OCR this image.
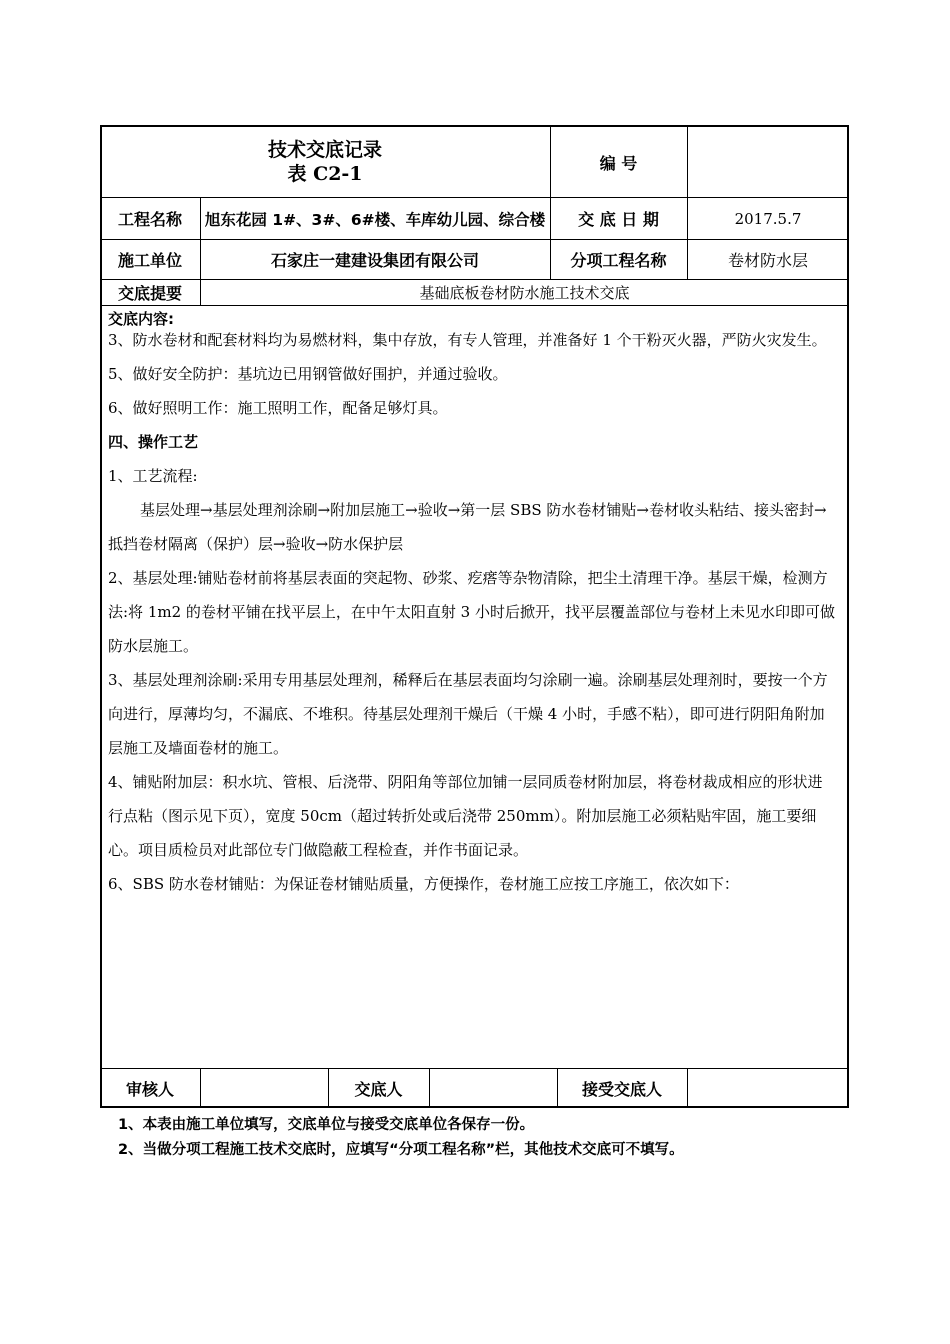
技术交底记录
表 C2-1	编 号
工程名称	旭东花园 1#、3#、6#楼、车库幼儿园、综合楼	交 底 日 期	2017.5.7
施工单位	石家庄一建建设集团有限公司	分项工程名称	卷材防水层
交底提要	基础底板卷材防水施工技术交底
交底内容:

3、防水卷材和配套材料均为易燃材料，集中存放，有专人管理，并准备好 1 个干粉灭火器，严防火灾发生。

5、做好安全防护：基坑边已用钢管做好围护，并通过验收。

6、做好照明工作：施工照明工作，配备足够灯具。

四、操作工艺

1、工艺流程:

基层处理→基层处理剂涂刷→附加层施工→验收→第一层 SBS 防水卷材铺贴→卷材收头粘结、接头密封→抵挡卷材隔离（保护）层→验收→防水保护层

2、基层处理:铺贴卷材前将基层表面的突起物、砂浆、疙瘩等杂物清除，把尘土清理干净。基层干燥，检测方法:将 1m2 的卷材平铺在找平层上，在中午太阳直射 3 小时后掀开，找平层覆盖部位与卷材上未见水印即可做防水层施工。

3、基层处理剂涂刷:采用专用基层处理剂，稀释后在基层表面均匀涂刷一遍。涂刷基层处理剂时，要按一个方向进行，厚薄均匀，不漏底、不堆积。待基层处理剂干燥后（干燥 4 小时，手感不粘），即可进行阴阳角附加层施工及墙面卷材的施工。

4、铺贴附加层：积水坑、管根、后浇带、阴阳角等部位加铺一层同质卷材附加层，将卷材裁成相应的形状进行点粘（图示见下页），宽度 50cm（超过转折处或后浇带 250mm）。附加层施工必须粘贴牢固，施工要细心。项目质检员对此部位专门做隐蔽工程检查，并作书面记录。

6、SBS 防水卷材铺贴：为保证卷材铺贴质量，方便操作，卷材施工应按工序施工，依次如下：

审核人	交底人	接受交底人
1、本表由施工单位填写，交底单位与接受交底单位各保存一份。
2、当做分项工程施工技术交底时，应填写“分项工程名称”栏，其他技术交底可不填写。
